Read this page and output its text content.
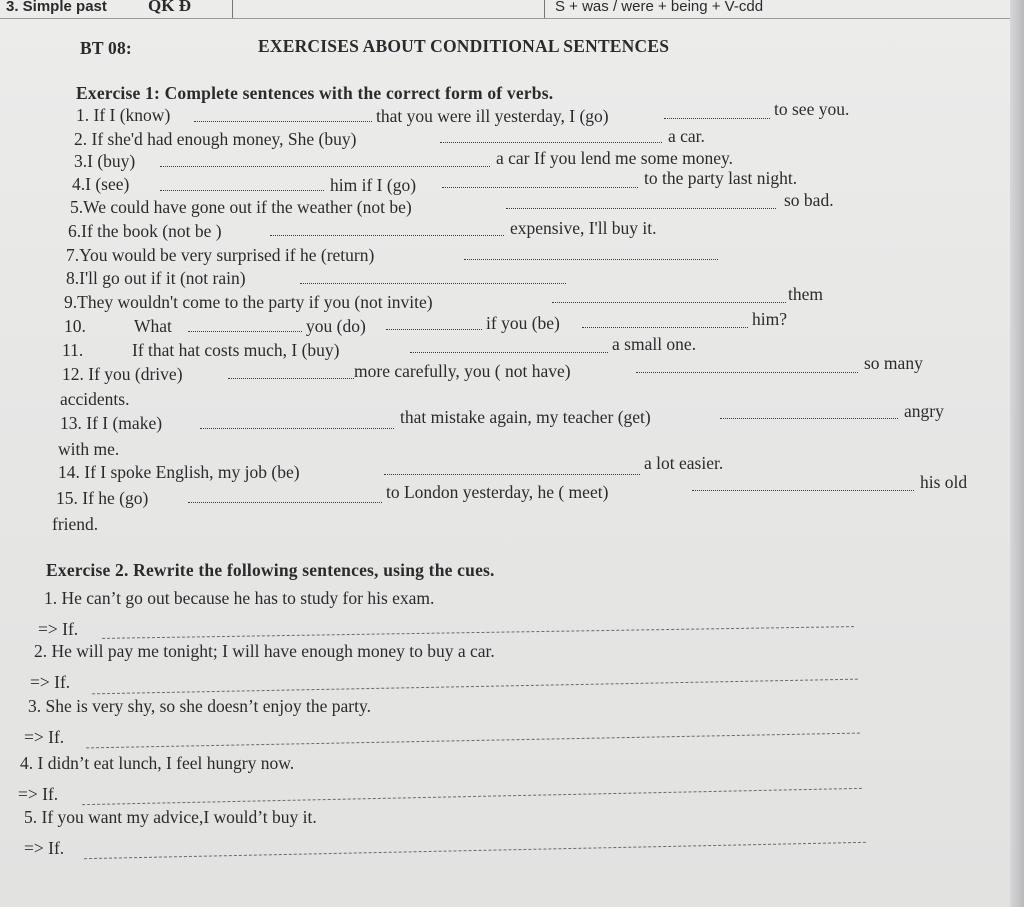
3. Simple past QK Đ	S + was / were + being + V-cdd
BT 08:	EXERCISES ABOUT CONDITIONAL SENTENCES
Exercise 1: Complete sentences with the correct form of verbs.
1. If I (know)	that you were ill yesterday, I (go)	to see you.
2. If she'd had enough money, She (buy)	a car.
3.I (buy)	a car If you lend me some money.
4.I (see)	him if I (go)	to the party last night.
5.We could have gone out if the weather (not be)	so bad.
6.If the book (not be )	expensive, I'll buy it.
7.You would be very surprised if he (return)
8.I'll go out if it (not rain)
9.They wouldn't come to the party if you (not invite)	them
10.	What	you (do)	if you (be)	him?
11.	If that hat costs much, I (buy)	a small one.
12. If you (drive)	more carefully, you ( not have)	so many
accidents.
13. If I (make)	that mistake again, my teacher (get)	angry
with me.
14. If I spoke English, my job (be)	a lot easier.
15. If he (go)	to London yesterday, he ( meet)	his old
friend.
Exercise 2. Rewrite the following sentences, using the cues.
1. He can’t go out because he has to study for his exam.
=> If.
2. He will pay me tonight; I will have enough money to buy a car.
=> If.
3. She is very shy, so she doesn’t enjoy the party.
=> If.
4. I didn’t eat lunch, I feel hungry now.
=> If.
5. If you want my advice,I would’t buy it.
=> If.
